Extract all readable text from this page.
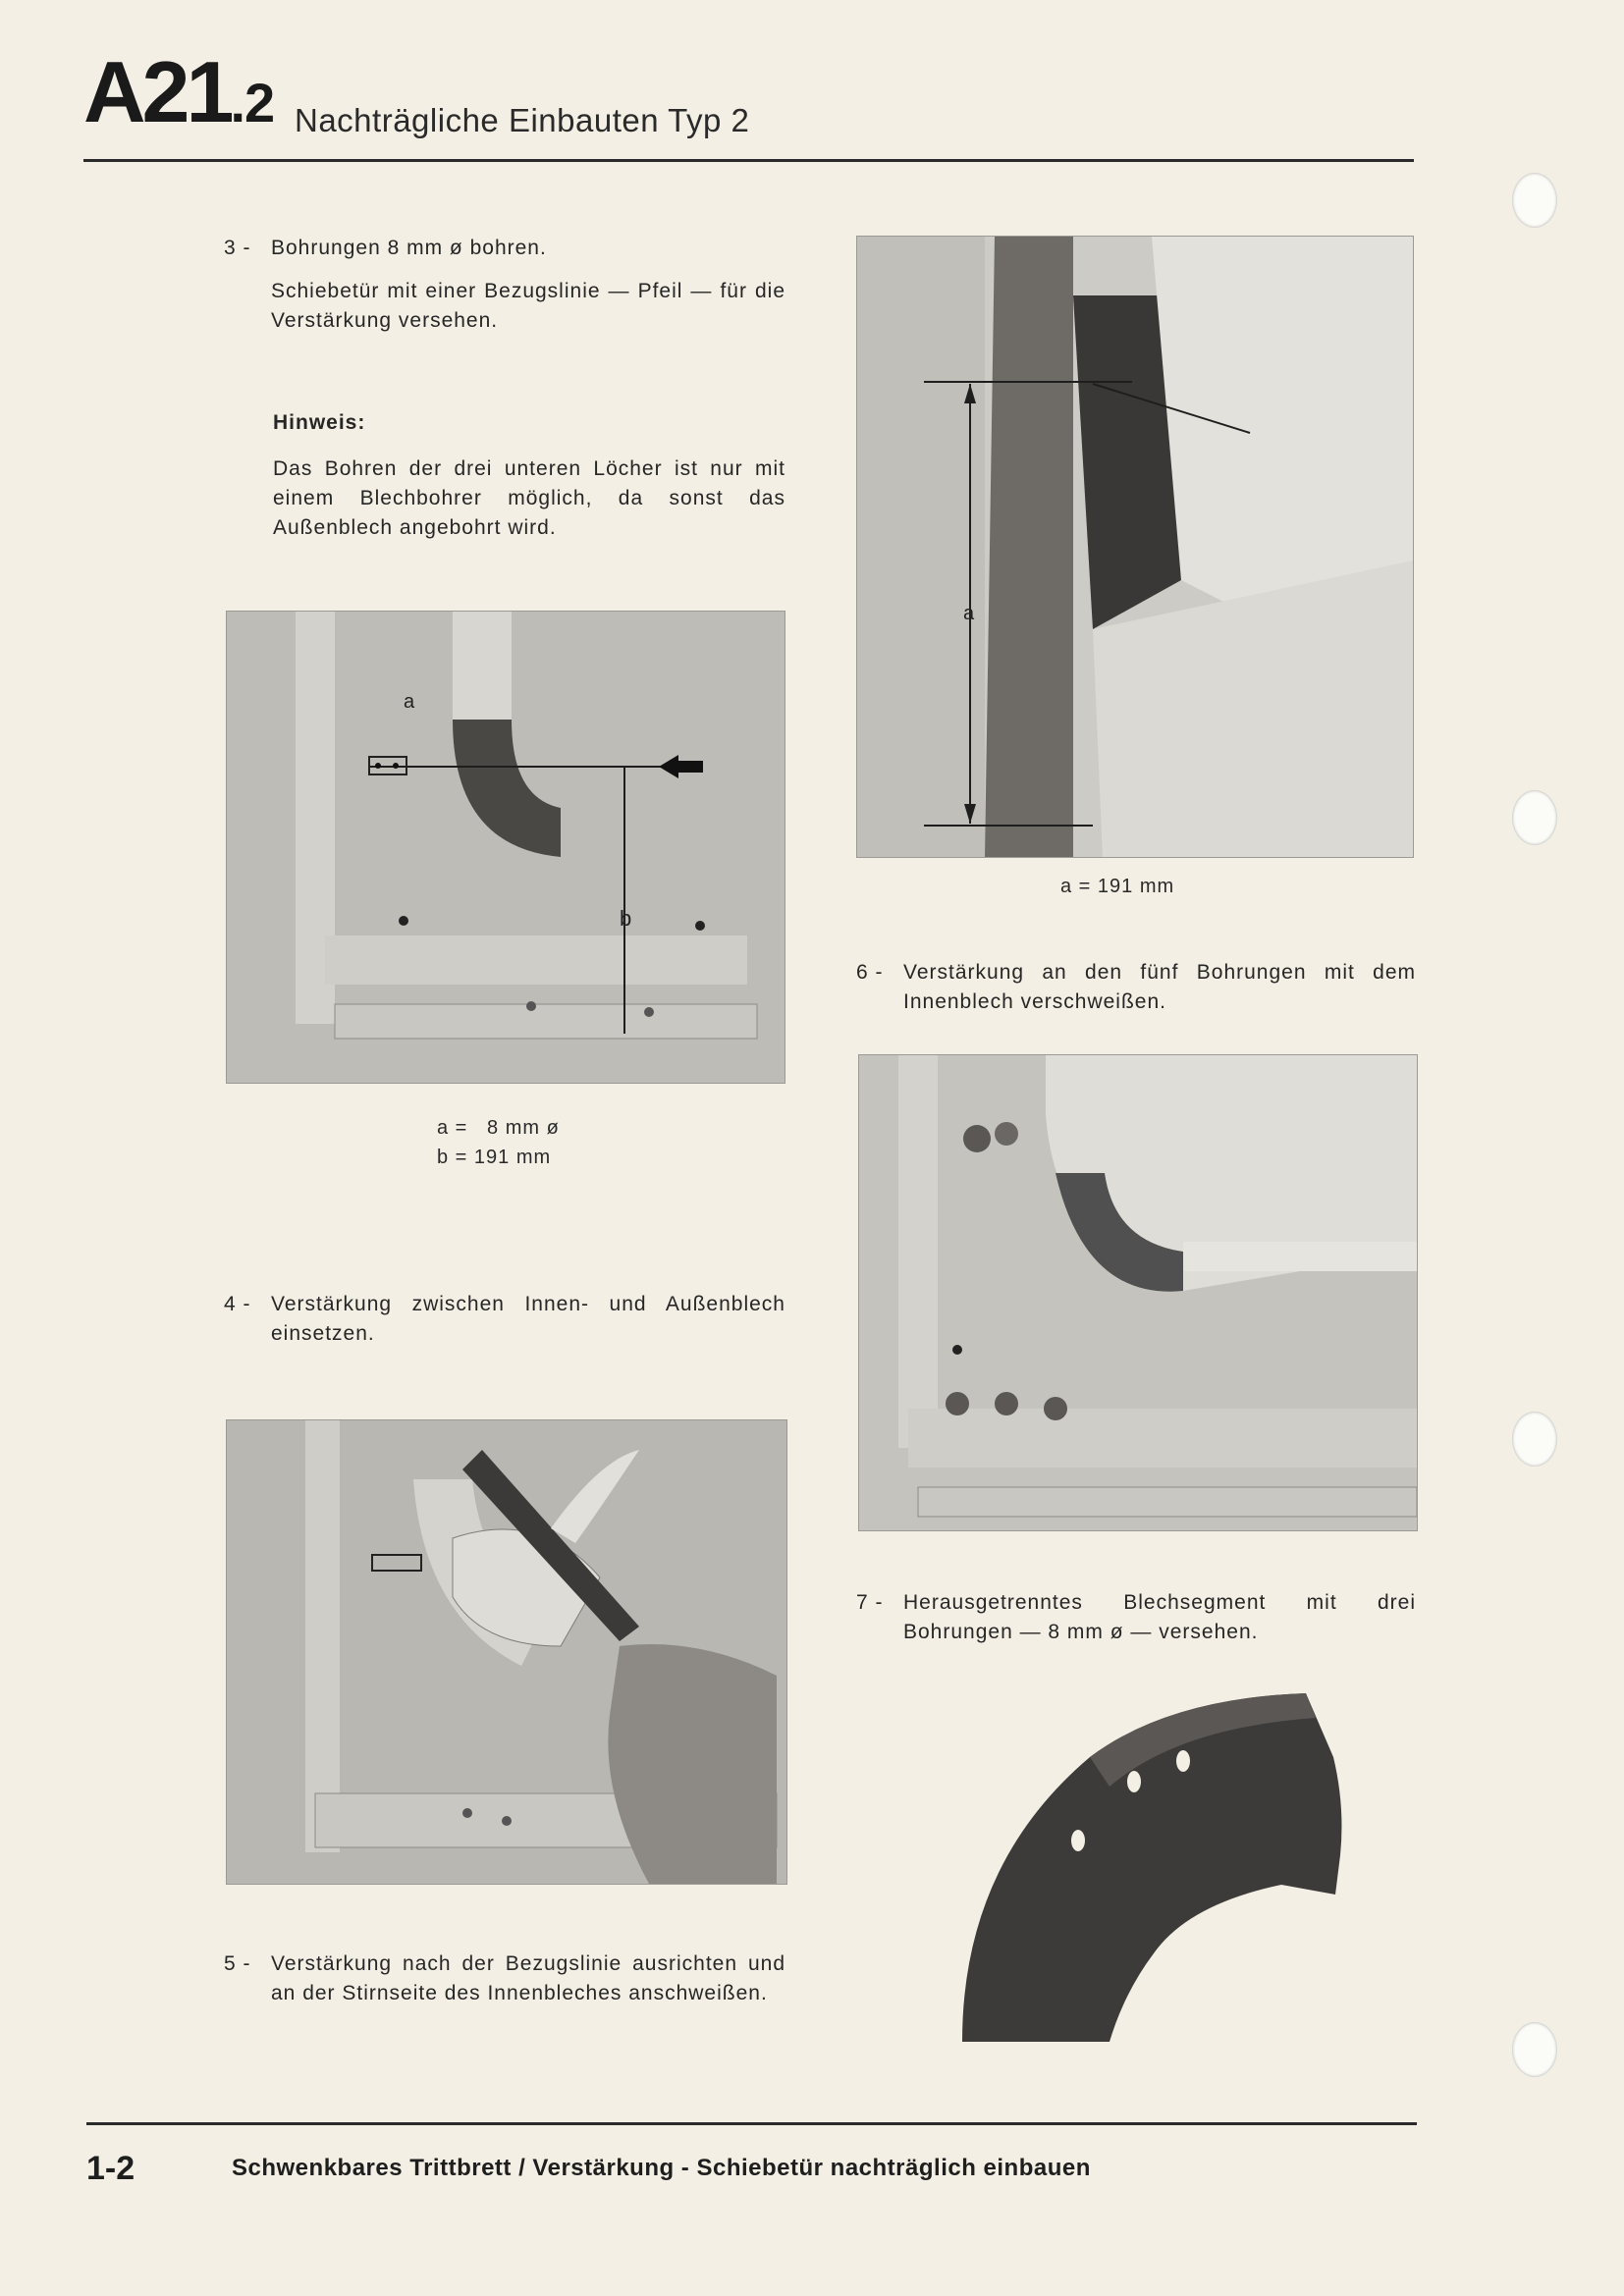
A21.2 Nachträgliche Einbauten Typ 2
3 - Bohrungen 8 mm ø bohren.
Schiebetür mit einer Bezugslinie — Pfeil — für die Verstärkung versehen.
Hinweis:
Das Bohren der drei unteren Löcher ist nur mit einem Blechbohrer möglich, da sonst das Außenblech angebohrt wird.
a
b
a =   8 mm ø
b = 191 mm
4 - Verstärkung zwischen Innen- und Außenblech einsetzen.
5 - Verstärkung nach der Bezugslinie ausrichten und an der Stirnseite des Innenbleches anschweißen.
a
a = 191 mm
6 - Verstärkung an den fünf Bohrungen mit dem Innenblech verschweißen.
7 - Herausgetrenntes Blechsegment mit drei Bohrungen — 8 mm ø — versehen.
1-2	Schwenkbares Trittbrett / Verstärkung - Schiebetür nachträglich einbauen
